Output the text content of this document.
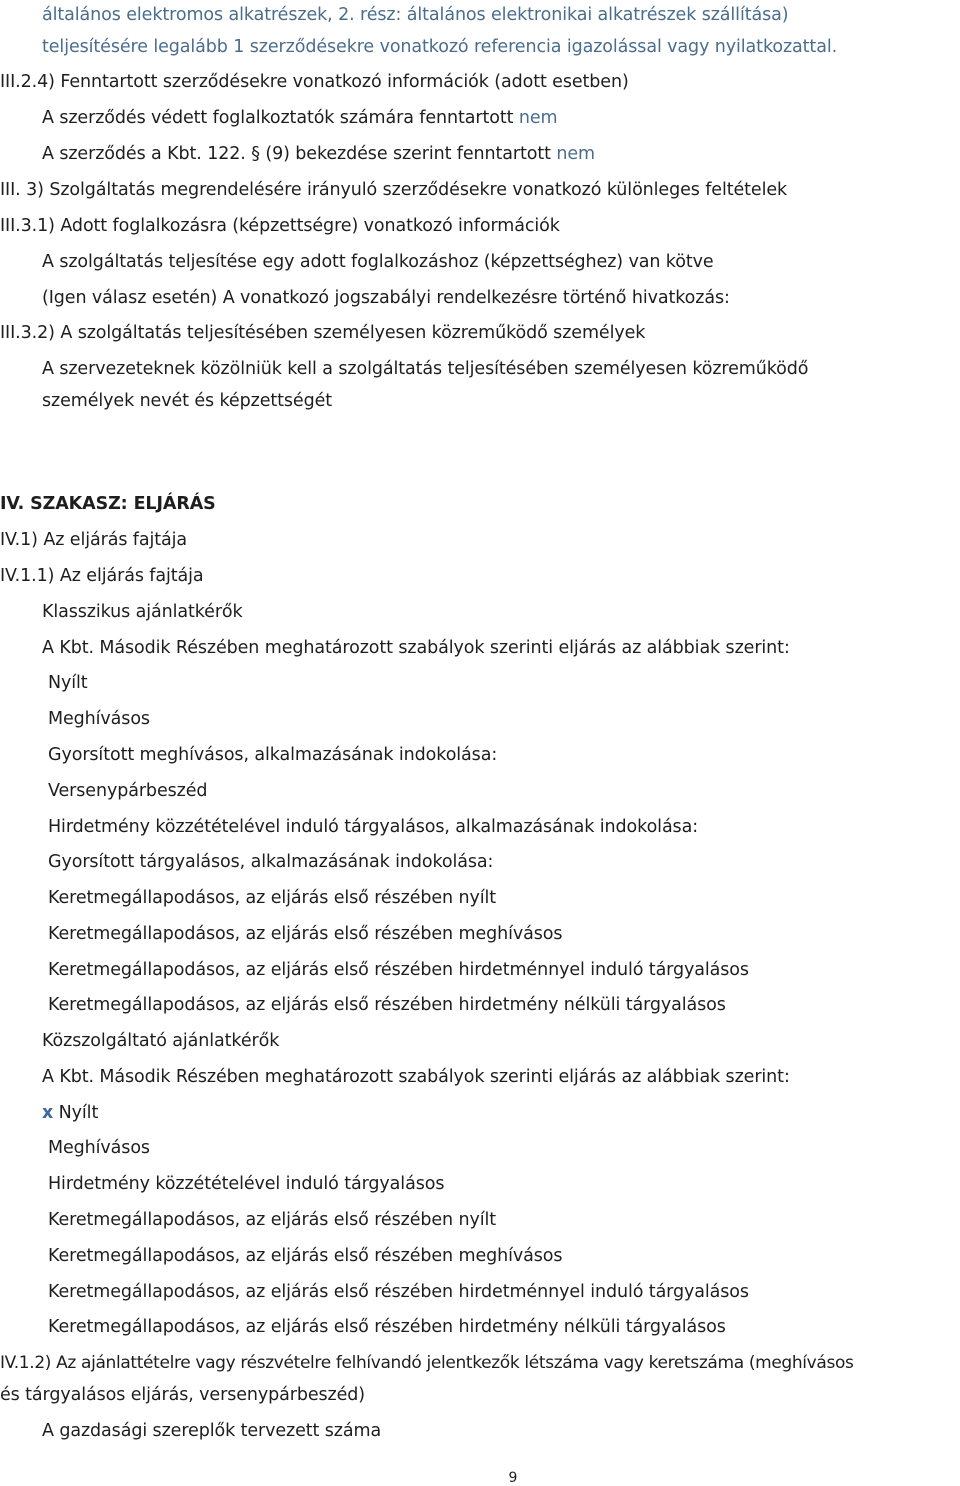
általános elektromos alkatrészek, 2. rész: általános elektronikai alkatrészek szállítása)
teljesítésére legalább 1 szerződésekre vonatkozó referencia igazolással vagy nyilatkozattal.
III.2.4) Fenntartott szerződésekre vonatkozó információk (adott esetben)
A szerződés védett foglalkoztatók számára fenntartott nem
A szerződés a Kbt. 122. § (9) bekezdése szerint fenntartott nem
III. 3) Szolgáltatás megrendelésére irányuló szerződésekre vonatkozó különleges feltételek
III.3.1) Adott foglalkozásra (képzettségre) vonatkozó információk
A szolgáltatás teljesítése egy adott foglalkozáshoz (képzettséghez) van kötve
(Igen válasz esetén) A vonatkozó jogszabályi rendelkezésre történő hivatkozás:
III.3.2) A szolgáltatás teljesítésében személyesen közreműködő személyek
A szervezeteknek közölniük kell a szolgáltatás teljesítésében személyesen közreműködő
személyek nevét és képzettségét
IV. SZAKASZ: ELJÁRÁS
IV.1) Az eljárás fajtája
IV.1.1) Az eljárás fajtája
Klasszikus ajánlatkérők
A Kbt. Második Részében meghatározott szabályok szerinti eljárás az alábbiak szerint:
Nyílt
Meghívásos
Gyorsított meghívásos, alkalmazásának indokolása:
Versenypárbeszéd
Hirdetmény közzétételével induló tárgyalásos, alkalmazásának indokolása:
Gyorsított tárgyalásos, alkalmazásának indokolása:
Keretmegállapodásos, az eljárás első részében nyílt
Keretmegállapodásos, az eljárás első részében meghívásos
Keretmegállapodásos, az eljárás első részében hirdetménnyel induló tárgyalásos
Keretmegállapodásos, az eljárás első részében hirdetmény nélküli tárgyalásos
Közszolgáltató ajánlatkérők
A Kbt. Második Részében meghatározott szabályok szerinti eljárás az alábbiak szerint:
x Nyílt
Meghívásos
Hirdetmény közzétételével induló tárgyalásos
Keretmegállapodásos, az eljárás első részében nyílt
Keretmegállapodásos, az eljárás első részében meghívásos
Keretmegállapodásos, az eljárás első részében hirdetménnyel induló tárgyalásos
Keretmegállapodásos, az eljárás első részében hirdetmény nélküli tárgyalásos
IV.1.2) Az ajánlattételre vagy részvételre felhívandó jelentkezők létszáma vagy keretszáma (meghívásos
és tárgyalásos eljárás, versenypárbeszéd)
A gazdasági szereplők tervezett száma
9
